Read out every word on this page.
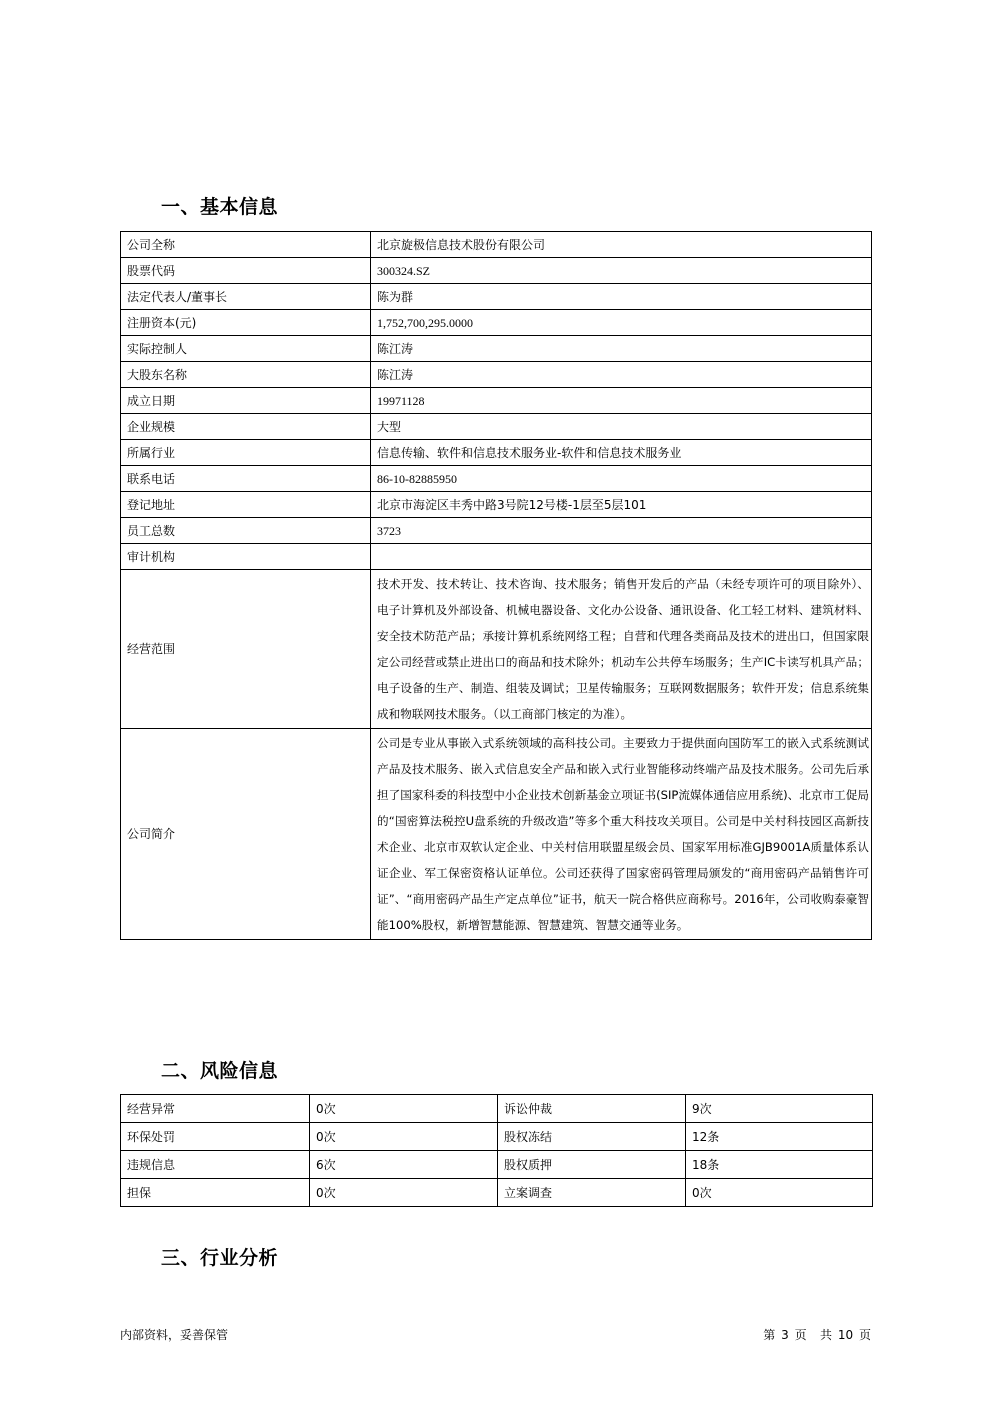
一、基本信息
公司全称	北京旋极信息技术股份有限公司
股票代码	300324.SZ
法定代表人/董事长	陈为群
注册资本(元)	1,752,700,295.0000
实际控制人	陈江涛
大股东名称	陈江涛
成立日期	19971128
企业规模	大型
所属行业	信息传输、软件和信息技术服务业-软件和信息技术服务业
联系电话	86-10-82885950
登记地址	北京市海淀区丰秀中路3号院12号楼-1层至5层101
员工总数	3723
审计机构	
经营范围	技术开发、技术转让、技术咨询、技术服务；销售开发后的产品（未经专项许可的项目除外）、电子计算机及外部设备、机械电器设备、文化办公设备、通讯设备、化工轻工材料、建筑材料、安全技术防范产品；承接计算机系统网络工程；自营和代理各类商品及技术的进出口，但国家限定公司经营或禁止进出口的商品和技术除外；机动车公共停车场服务；生产IC卡读写机具产品；电子设备的生产、制造、组装及调试；卫星传输服务；互联网数据服务；软件开发；信息系统集成和物联网技术服务。（以工商部门核定的为准）。
公司简介	公司是专业从事嵌入式系统领域的高科技公司。主要致力于提供面向国防军工的嵌入式系统测试产品及技术服务、嵌入式信息安全产品和嵌入式行业智能移动终端产品及技术服务。公司先后承担了国家科委的科技型中小企业技术创新基金立项证书(SIP流媒体通信应用系统)、北京市工促局的“国密算法税控U盘系统的升级改造”等多个重大科技攻关项目。公司是中关村科技园区高新技术企业、北京市双软认定企业、中关村信用联盟星级会员、国家军用标准GJB9001A质量体系认证企业、军工保密资格认证单位。公司还获得了国家密码管理局颁发的“商用密码产品销售许可证”、“商用密码产品生产定点单位”证书，航天一院合格供应商称号。2016年，公司收购泰豪智能100%股权，新增智慧能源、智慧建筑、智慧交通等业务。
二、风险信息
经营异常	0次	诉讼仲裁	9次
环保处罚	0次	股权冻结	12条
违规信息	6次	股权质押	18条
担保	0次	立案调查	0次
三、行业分析
内部资料，妥善保管	第 3 页 共 10 页
